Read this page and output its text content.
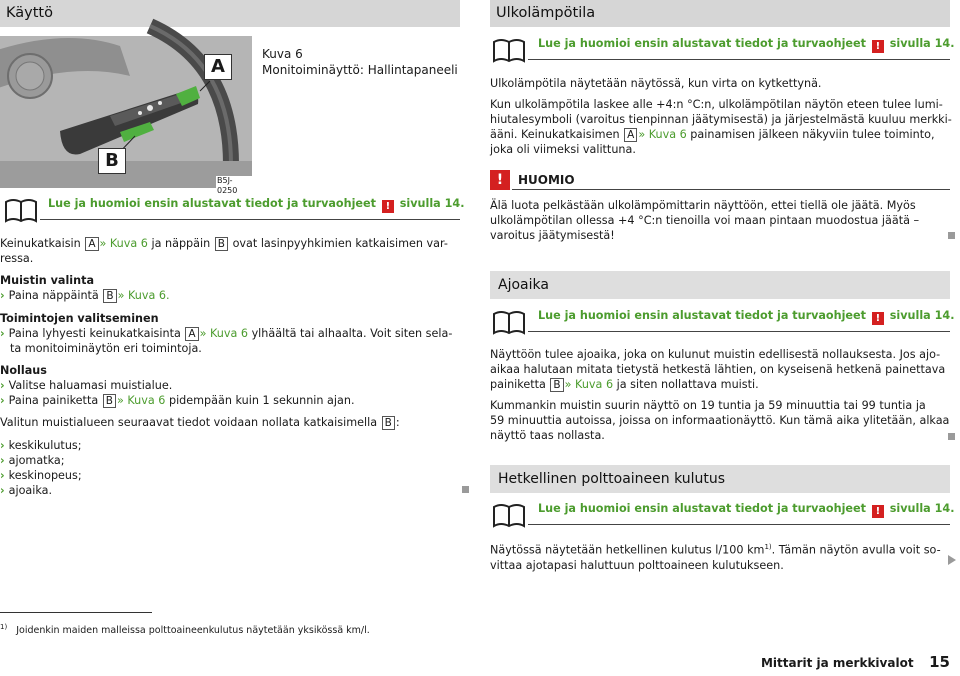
Käyttö
A
B
B5J-0250
Kuva 6
Monitoiminäyttö: Hallintapaneeli
Lue ja huomioi ensin alustavat tiedot ja turvaohjeet ! sivulla 14.

Keinukatkaisin A » Kuva 6 ja näppäin B ovat lasinpyyhkimien katkaisimen var-

ressa.

Muistin valinta

› Paina näppäintä B » Kuva 6.

Toimintojen valitseminen

› Paina lyhyesti keinukatkaisinta A » Kuva 6 ylhäältä tai alhaalta. Voit siten sela-

ta monitoiminäytön eri toimintoja.

Nollaus

› Valitse haluamasi muistialue.

› Paina painiketta B » Kuva 6 pidempään kuin 1 sekunnin ajan.

Valitun muistialueen seuraavat tiedot voidaan nollata katkaisimella B :

› keskikulutus;

› ajomatka;

› keskinopeus;

› ajoaika.

Ulkolämpötila
Lue ja huomioi ensin alustavat tiedot ja turvaohjeet ! sivulla 14.
Ulkolämpötila näytetään näytössä, kun virta on kytkettynä.

Kun ulkolämpötila laskee alle +4:n °C:n, ulkolämpötilan näytön eteen tulee lumi-

hiutalesymboli (varoitus tienpinnan jäätymisestä) ja järjestelmästä kuuluu merkki-

ääni. Keinukatkaisimen A » Kuva 6 painamisen jälkeen näkyviin tulee toiminto,

joka oli viimeksi valittuna.

!	HUOMIO

Älä luota pelkästään ulkolämpömittarin näyttöön, ettei tiellä ole jäätä. Myös

ulkolämpötilan ollessa +4 °C:n tienoilla voi maan pintaan muodostua jäätä –

varoitus jäätymisestä!

Ajoaika
Lue ja huomioi ensin alustavat tiedot ja turvaohjeet ! sivulla 14.

Näyttöön tulee ajoaika, joka on kulunut muistin edellisestä nollauksesta. Jos ajo-

aikaa halutaan mitata tietystä hetkestä lähtien, on kyseisenä hetkenä painettava

painiketta B » Kuva 6 ja siten nollattava muisti.

Kummankin muistin suurin näyttö on 19 tuntia ja 59 minuuttia tai 99 tuntia ja

59 minuuttia autoissa, joissa on informaationäyttö. Kun tämä aika ylitetään, alkaa

näyttö taas nollasta.

Hetkellinen polttoaineen kulutus
Lue ja huomioi ensin alustavat tiedot ja turvaohjeet ! sivulla 14.

Näytössä näytetään hetkellinen kulutus l/100 $km^{1)}$. Tämän näytön avulla voit so-

vittaa ajotapasi haluttuun polttoaineen kulutukseen.

$^{1)}$ Joidenkin maiden malleissa polttoaineenkulutus näytetään yksikössä km/l.
Mittarit ja merkkivalot 15
